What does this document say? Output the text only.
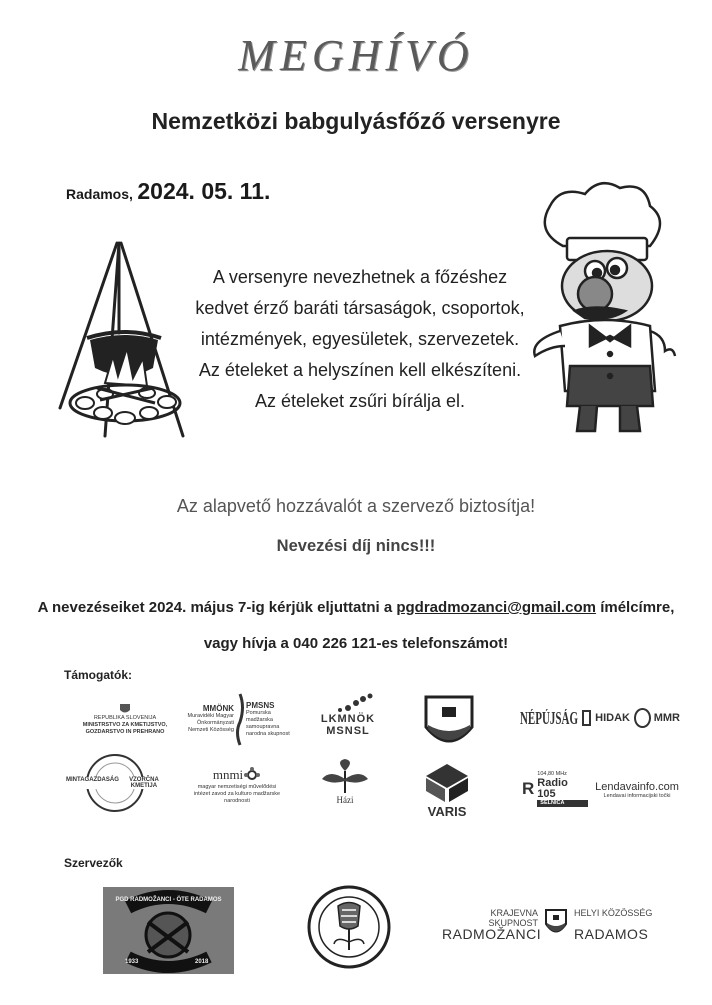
MEGHÍVÓ
Nemzetközi babgulyásfőző versenyre
Radamos, 2024. 05. 11.
A versenyre nevezhetnek a főzéshez
kedvet érző baráti társaságok, csoportok,
intézmények, egyesületek, szervezetek.
Az ételeket a helyszínen kell elkészíteni.
Az ételeket zsűri bírálja el.
Az alapvető hozzávalót a szervező biztosítja!
Nevezési díj nincs!!!
A nevezéseiket 2024. május 7-ig kérjük eljuttatni a pgdradmozanci@gmail.com ímélcímre,
vagy hívja a 040 226 121-es telefonszámot!
Támogatók:
REPUBLIKA SLOVENIJA
MINISTRSTVO ZA KMETIJSTVO,
GOZDARSTVO IN PREHRANO
MMÖNK
Muravidéki Magyar Önkormányzati Nemzeti Közösség
PMSNS
Pomurska madžarska samoupravna narodna skupnost
LKMNÖK
MSNSL
NÉPÚJSÁG HIDAK MMR
MINTAGAZDASÁG	VZORČNA KMETIJA
mnmi
magyar nemzetiségi művelődési intézet zavod za kulturo madžarske narodnosti	Házi
VARIS
R
104,80 MHz
Radio 105
SELNICA
Lendavainfo.com
Lendavai informacijski točki
Szervezők
PGD RADMOŽANCI - ÖTE RADAMOS
1933	2018
KRAJEVNA SKUPNOST
RADMOŽANCI
HELYI KÖZÖSSÉG
RADAMOS
